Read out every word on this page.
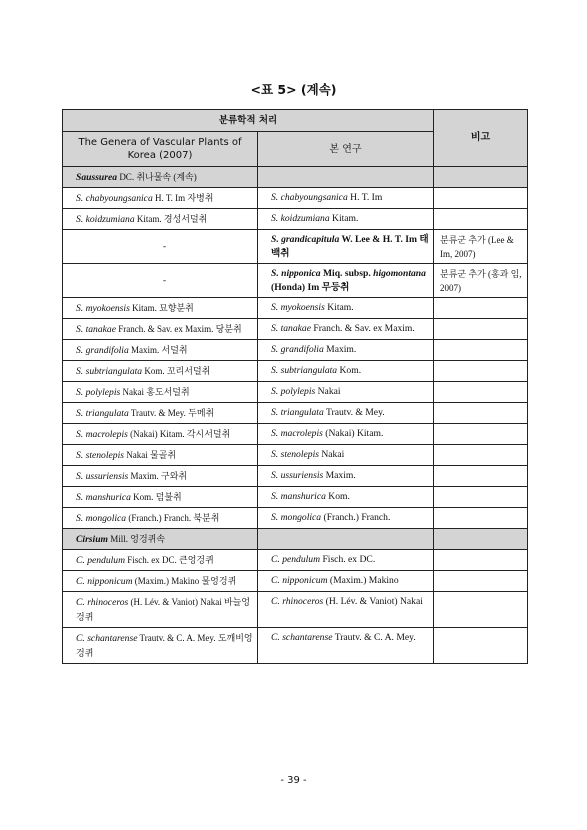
<표 5> (계속)
분류학적 처리		비고
The Genera of Vascular Plants of Korea (2007)	본 연구	
Saussurea DC. 취나물속 (계속)		
S. chabyoungsanica H. T. Im 자병취	S. chabyoungsanica H. T. Im	
S. koidzumiana Kitam. 경성서덜취	S. koidzumiana Kitam.	
-	S. grandicapitula W. Lee & H. T. Im 태백취	분류군 추가 (Lee & Im, 2007)
-	S. nipponica Miq. subsp. higomontana (Honda) Im 무등취	분류군 추가 (홍과 임, 2007)
S. myokoensis Kitam. 묘향분취	S. myokoensis Kitam.	
S. tanakae Franch. & Sav. ex Maxim. 당분취	S. tanakae Franch. & Sav. ex Maxim.	
S. grandifolia Maxim. 서덜취	S. grandifolia Maxim.	
S. subtriangulata Kom. 꼬리서덜취	S. subtriangulata Kom.	
S. polylepis Nakai 홍도서덜취	S. polylepis Nakai	
S. triangulata Trautv. & Mey. 두메취	S. triangulata Trautv. & Mey.	
S. macrolepis (Nakai) Kitam. 각시서덜취	S. macrolepis (Nakai) Kitam.	
S. stenolepis Nakai 물골취	S. stenolepis Nakai	
S. ussuriensis Maxim. 구와취	S. ussuriensis Maxim.	
S. manshurica Kom. 덤불취	S. manshurica Kom.	
S. mongolica (Franch.) Franch. 북분취	S. mongolica (Franch.) Franch.	
Cirsium Mill. 엉겅퀴속		
C. pendulum Fisch. ex DC. 큰엉겅퀴	C. pendulum Fisch. ex DC.	
C. nipponicum (Maxim.) Makino 물엉겅퀴	C. nipponicum (Maxim.) Makino	
C. rhinoceros (H. Lév. & Vaniot) Nakai 바늘엉겅퀴	C. rhinoceros (H. Lév. & Vaniot) Nakai	
C. schantarense Trautv. & C. A. Mey. 도깨비엉겅퀴	C. schantarense Trautv. & C. A. Mey.	
- 39 -
